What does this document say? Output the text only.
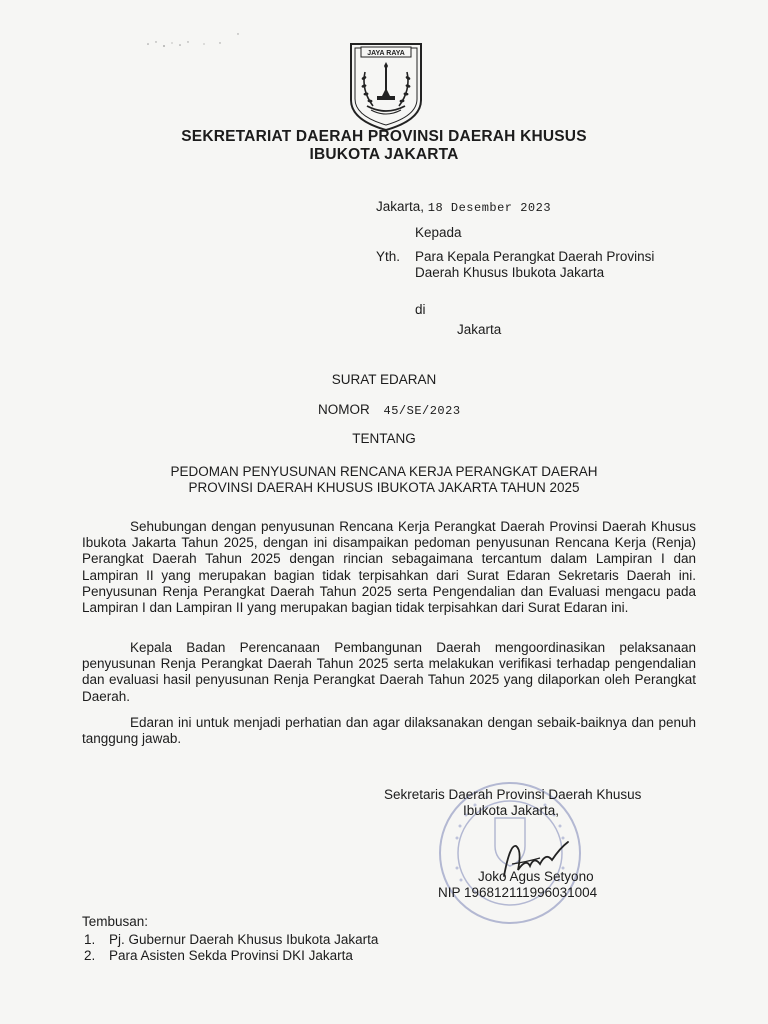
JAYA RAYA
SEKRETARIAT DAERAH PROVINSI DAERAH KHUSUS
IBUKOTA JAKARTA
Jakarta, 18 Desember 2023
Kepada
Yth. Para Kepala Perangkat Daerah Provinsi
Daerah Khusus Ibukota Jakarta
di
Jakarta
SURAT EDARAN
NOMOR 45/SE/2023
TENTANG
PEDOMAN PENYUSUNAN RENCANA KERJA PERANGKAT DAERAH
PROVINSI DAERAH KHUSUS IBUKOTA JAKARTA TAHUN 2025

Sehubungan dengan penyusunan Rencana Kerja Perangkat Daerah Provinsi Daerah Khusus Ibukota Jakarta Tahun 2025, dengan ini disampaikan pedoman penyusunan Rencana Kerja (Renja) Perangkat Daerah Tahun 2025 dengan rincian sebagaimana tercantum dalam Lampiran I dan Lampiran II yang merupakan bagian tidak terpisahkan dari Surat Edaran Sekretaris Daerah ini. Penyusunan Renja Perangkat Daerah Tahun 2025 serta Pengendalian dan Evaluasi mengacu pada Lampiran I dan Lampiran II yang merupakan bagian tidak terpisahkan dari Surat Edaran ini.

Kepala Badan Perencanaan Pembangunan Daerah mengoordinasikan pelaksanaan penyusunan Renja Perangkat Daerah Tahun 2025 serta melakukan verifikasi terhadap pengendalian dan evaluasi hasil penyusunan Renja Perangkat Daerah Tahun 2025 yang dilaporkan oleh Perangkat Daerah.

Edaran ini untuk menjadi perhatian dan agar dilaksanakan dengan sebaik-baiknya dan penuh tanggung jawab.

Sekretaris Daerah Provinsi Daerah Khusus
Ibukota Jakarta,
Joko Agus Setyono
NIP 196812111996031004
Tembusan:
1. Pj. Gubernur Daerah Khusus Ibukota Jakarta
2. Para Asisten Sekda Provinsi DKI Jakarta
